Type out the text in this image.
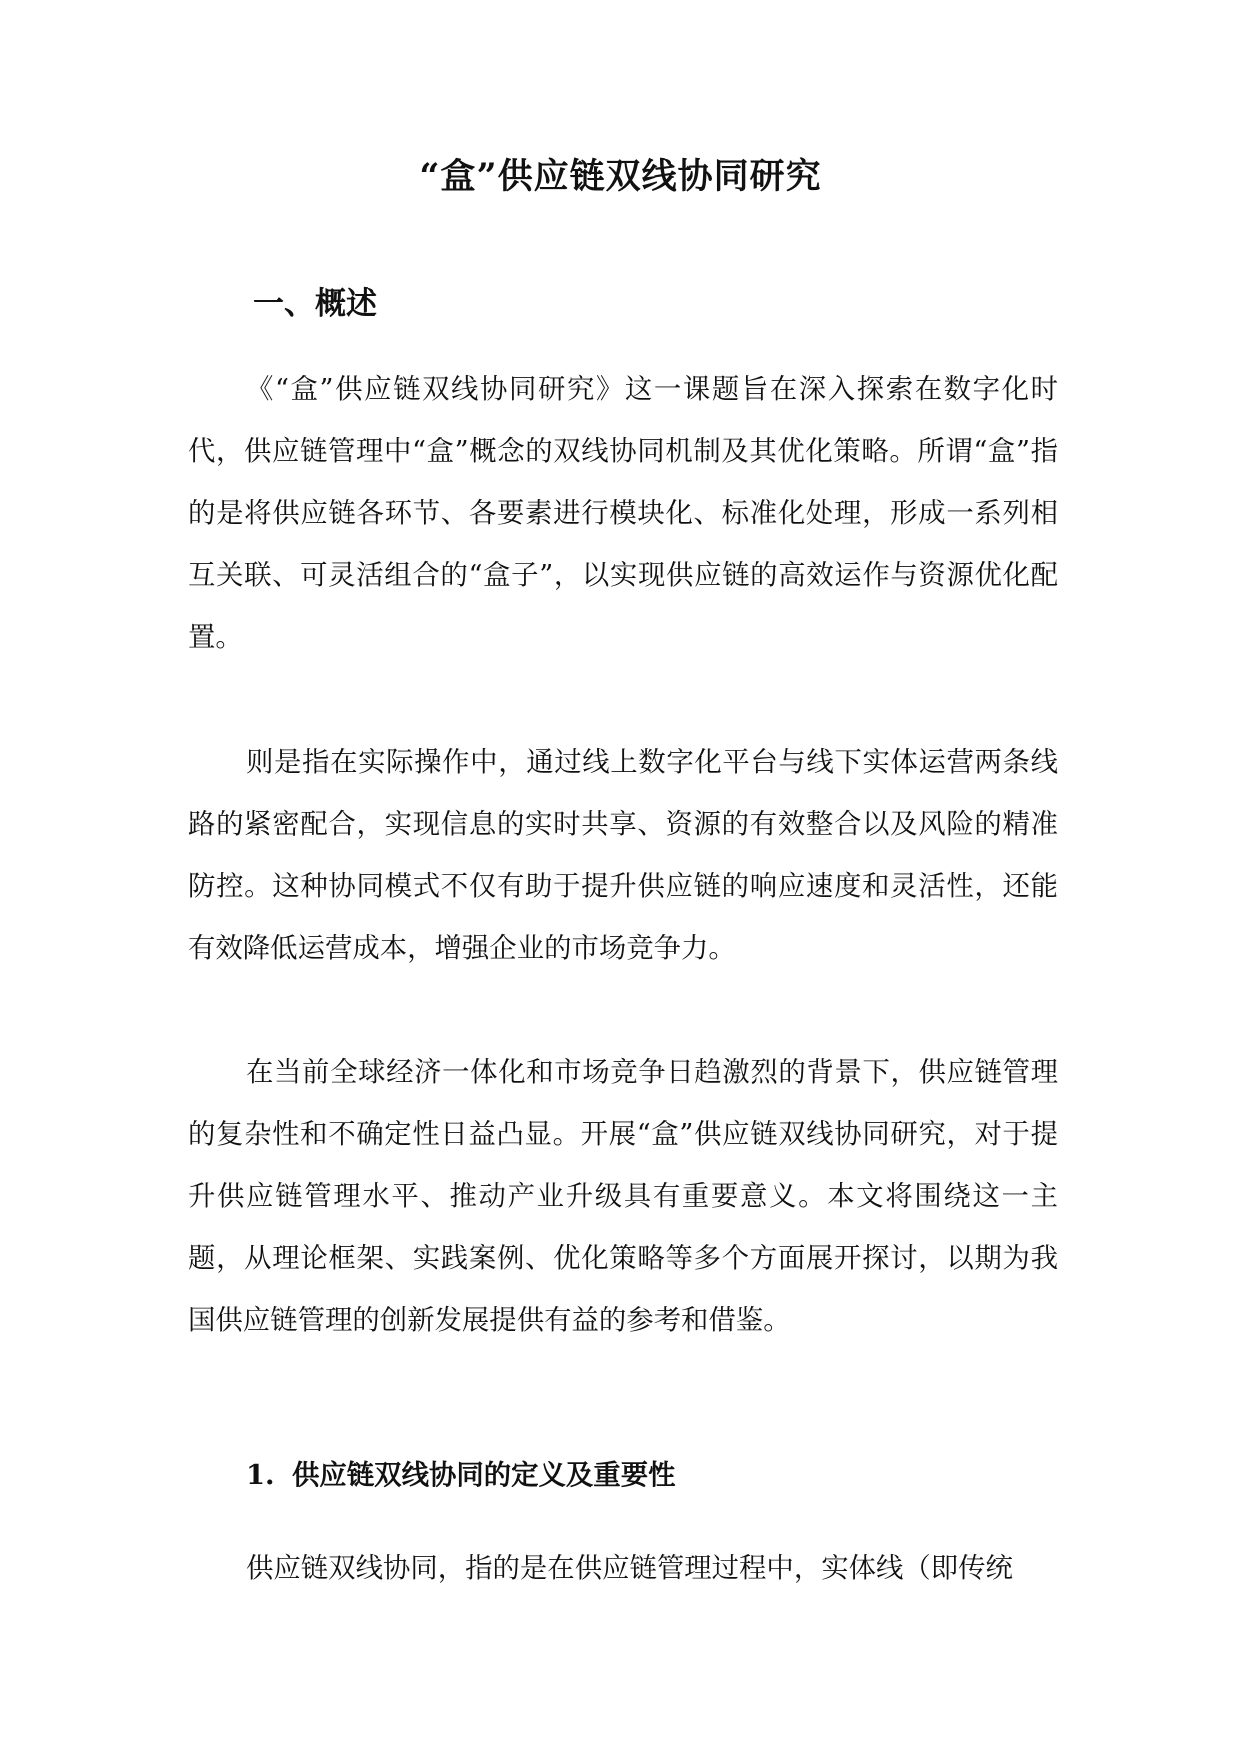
“盒”供应链双线协同研究
一、概述

《“盒”供应链双线协同研究》这一课题旨在深入探索在数字化时代，供应链管理中“盒”概念的双线协同机制及其优化策略。所谓“盒”指的是将供应链各环节、各要素进行模块化、标准化处理，形成一系列相互关联、可灵活组合的“盒子”，以实现供应链的高效运作与资源优化配置。

则是指在实际操作中，通过线上数字化平台与线下实体运营两条线路的紧密配合，实现信息的实时共享、资源的有效整合以及风险的精准防控。这种协同模式不仅有助于提升供应链的响应速度和灵活性，还能有效降低运营成本，增强企业的市场竞争力。

在当前全球经济一体化和市场竞争日趋激烈的背景下，供应链管理的复杂性和不确定性日益凸显。开展“盒”供应链双线协同研究，对于提升供应链管理水平、推动产业升级具有重要意义。本文将围绕这一主题，从理论框架、实践案例、优化策略等多个方面展开探讨，以期为我国供应链管理的创新发展提供有益的参考和借鉴。

1. 供应链双线协同的定义及重要性

供应链双线协同，指的是在供应链管理过程中，实体线（即传统
